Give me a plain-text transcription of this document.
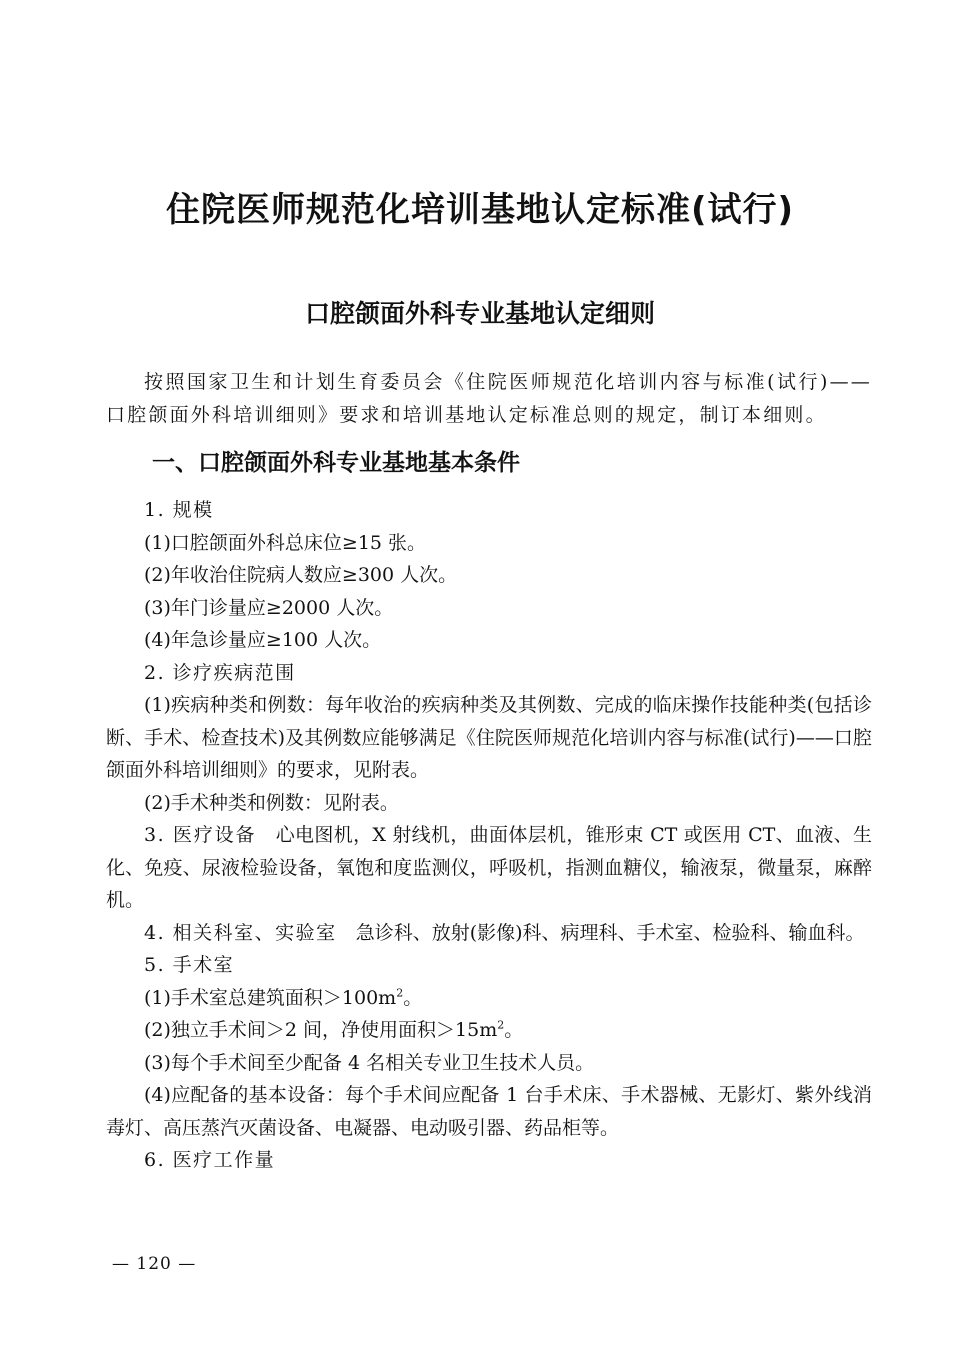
住院医师规范化培训基地认定标准(试行)
口腔颌面外科专业基地认定细则

按照国家卫生和计划生育委员会《住院医师规范化培训内容与标准(试行)——口腔颌面外科培训细则》要求和培训基地认定标准总则的规定，制订本细则。

一、口腔颌面外科专业基地基本条件

1. 规模

(1)口腔颌面外科总床位≥15 张。

(2)年收治住院病人数应≥300 人次。

(3)年门诊量应≥2000 人次。

(4)年急诊量应≥100 人次。

2. 诊疗疾病范围

(1)疾病种类和例数：每年收治的疾病种类及其例数、完成的临床操作技能种类(包括诊断、手术、检查技术)及其例数应能够满足《住院医师规范化培训内容与标准(试行)——口腔颌面外科培训细则》的要求，见附表。

(2)手术种类和例数：见附表。

3. 医疗设备　 心电图机，X 射线机，曲面体层机，锥形束 CT 或医用 CT、血液、生化、免疫、尿液检验设备，氧饱和度监测仪，呼吸机，指测血糖仪，输液泵，微量泵，麻醉机。

4. 相关科室、实验室　 急诊科、放射(影像)科、病理科、手术室、检验科、输血科。

5. 手术室

(1)手术室总建筑面积$>100m^2$。

(2)独立手术间＞2 间，净使用面积$>15m^2$。

(3)每个手术间至少配备 4 名相关专业卫生技术人员。

(4)应配备的基本设备：每个手术间应配备 1 台手术床、手术器械、无影灯、紫外线消毒灯、高压蒸汽灭菌设备、电凝器、电动吸引器、药品柜等。

6. 医疗工作量

— 120 —
